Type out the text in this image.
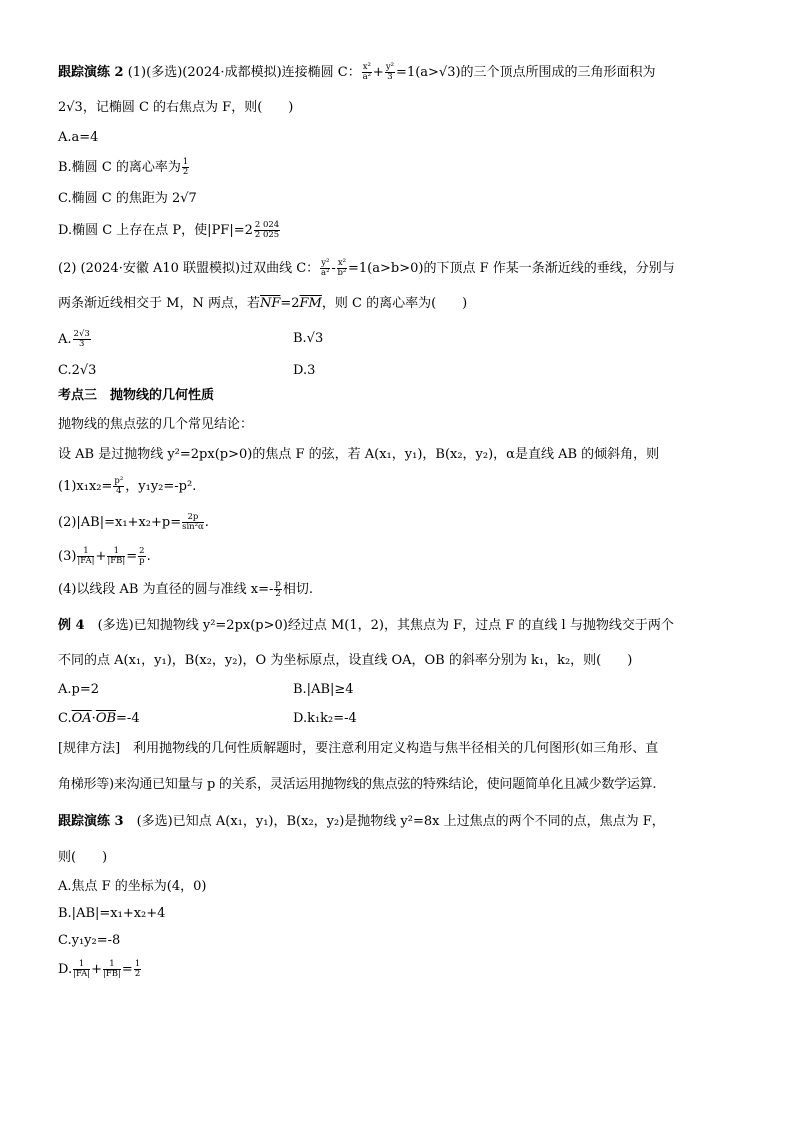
跟踪演练 2 (1)(多选)(2024·成都模拟)连接椭圆 C： $\frac{\text{x²}}{\text{a²}} + \frac{\text{y²}}{3} =1(a>√3)$的三个顶点所围成的三角形面积为
2√3，记椭圆 C 的右焦点为 F，则(　　)
A.a=4
B.椭圆 C 的离心率为 $\frac{1}{2}$
C.椭圆 C 的焦距为 2√7
D.椭圆 C 上存在点 P，使$|PF|=2 \frac{2 024}{2 025}$
(2) (2024·安徽 A10 联盟模拟)过双曲线 C： $\frac{\text{y²}}{\text{a²}} - \frac{\text{x²}}{\text{b²}} =1(a>b>0)$的下顶点 F 作某一条渐近线的垂线，分别与
两条渐近线相交于 M，N 两点，若$\overline{NF}=2\overline{FM}$，则 C 的离心率为(　　)
A. $\frac{2√3}{3}$	B.√3
C.2√3	D.3
考点三　抛物线的几何性质
抛物线的焦点弦的几个常见结论：
设 AB 是过抛物线 y²=2px(p>0)的焦点 F 的弦，若 A(x₁，y₁)，B(x₂，y₂)，α是直线 AB 的倾斜角，则
$(1)x_1x_2= \frac{\text{p²}}{4}$ ，y₁y₂=-p².
$(2)|AB|=x_1+x_2+p= \frac{2p}{\text{sin²α}}$ .
$(3) \frac{1}{|FA|} + \frac{1}{|FB|} = \frac{2}{p}$ .
(4)以线段 AB 为直径的圆与准线 $x=- \frac{p}{2}$ 相切.
例 4　(多选)已知抛物线 y²=2px(p>0)经过点 M(1，2)，其焦点为 F，过点 F 的直线 l 与抛物线交于两个
不同的点 A(x₁，y₁)，B(x₂，y₂)，O 为坐标原点，设直线 OA，OB 的斜率分别为 k₁，k₂，则(　　)
A.p=2	B.|AB|≥4
$C.\overline{OA}\cdot\overline{OB}=-4$	D.k₁k₂=-4
[规律方法]　利用抛物线的几何性质解题时，要注意利用定义构造与焦半径相关的几何图形(如三角形、直
角梯形等)来沟通已知量与 p 的关系，灵活运用抛物线的焦点弦的特殊结论，使问题简单化且减少数学运算.
跟踪演练 3　(多选)已知点 A(x₁，y₁)，B(x₂，y₂)是抛物线 y²=8x 上过焦点的两个不同的点，焦点为 F，
则(　　)
A.焦点 F 的坐标为(4，0)
B.|AB|=x₁+x₂+4
C.y₁y₂=-8
D. $\frac{1}{|FA|} + \frac{1}{|FB|} = \frac{1}{2}$
